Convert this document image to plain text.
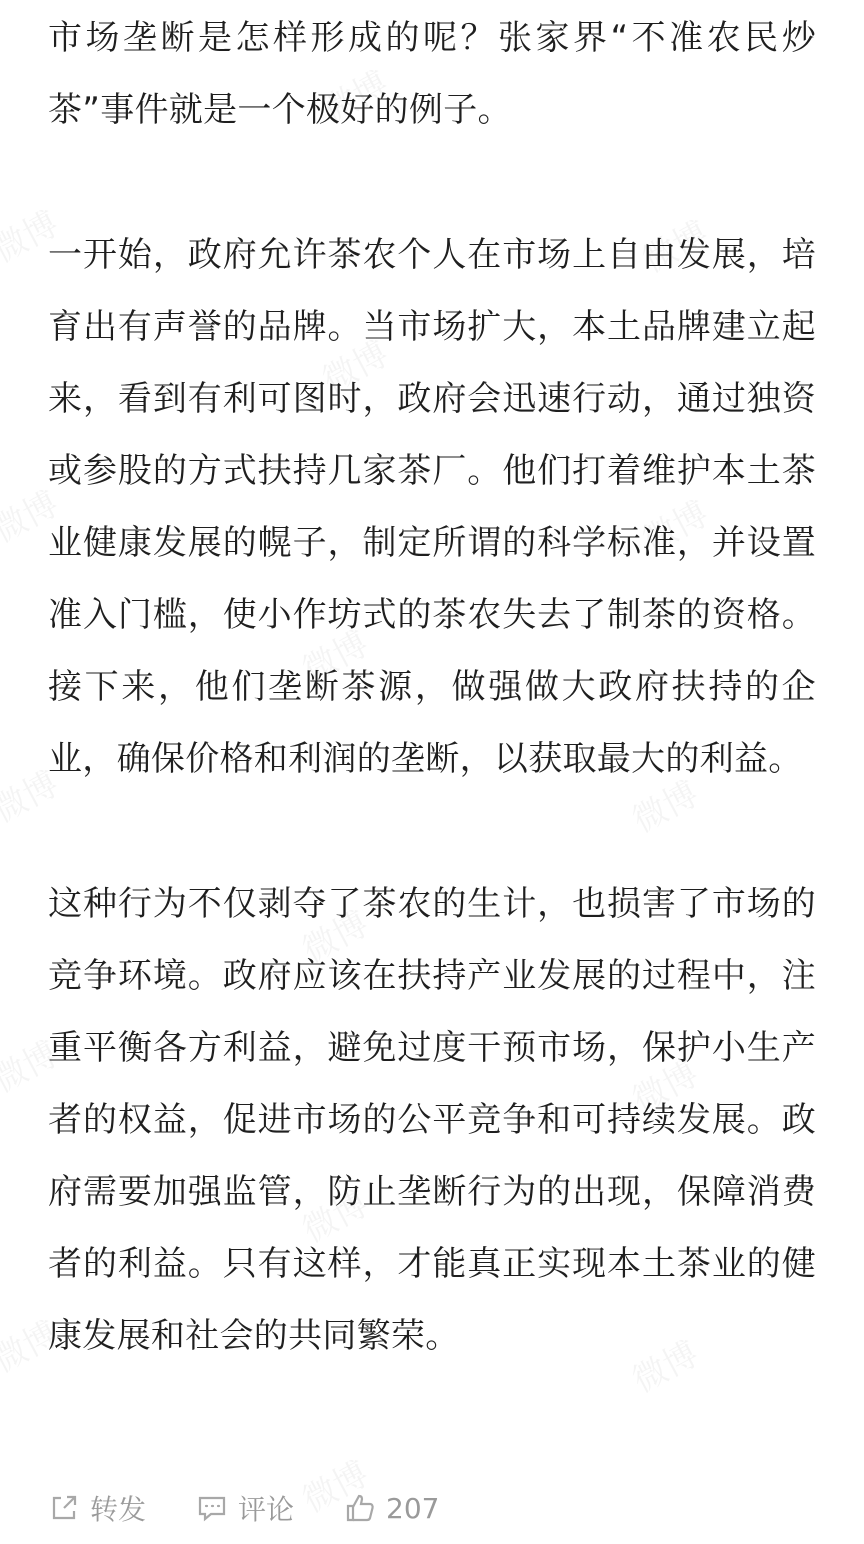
市场垄断是怎样形成的呢？张家界“不准农民炒茶”事件就是一个极好的例子。

一开始，政府允许茶农个人在市场上自由发展，培育出有声誉的品牌。当市场扩大，本土品牌建立起来，看到有利可图时，政府会迅速行动，通过独资或参股的方式扶持几家茶厂。他们打着维护本土茶业健康发展的幌子，制定所谓的科学标准，并设置准入门槛，使小作坊式的茶农失去了制茶的资格。接下来，他们垄断茶源，做强做大政府扶持的企业，确保价格和利润的垄断，以获取最大的利益。

这种行为不仅剥夺了茶农的生计，也损害了市场的竞争环境。政府应该在扶持产业发展的过程中，注重平衡各方利益，避免过度干预市场，保护小生产者的权益，促进市场的公平竞争和可持续发展。政府需要加强监管，防止垄断行为的出现，保障消费者的利益。只有这样，才能真正实现本土茶业的健康发展和社会的共同繁荣。

转发	评论	207
